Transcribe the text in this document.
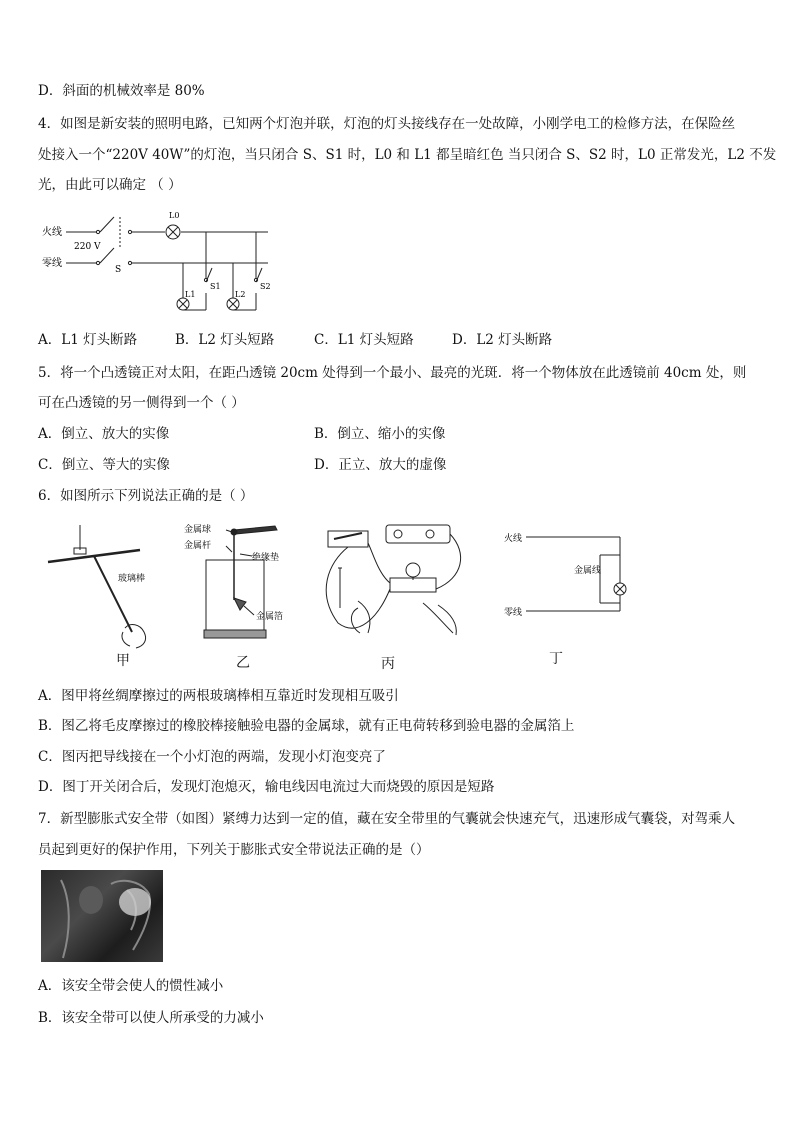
D．斜面的机械效率是 80%
4．如图是新安装的照明电路，已知两个灯泡并联，灯泡的灯头接线存在一处故障，小刚学电工的检修方法，在保险丝
处接入一个“220V 40W”的灯泡，当只闭合 S、S1 时，L0 和 L1 都呈暗红色 当只闭合 S、S2 时，L0 正常发光，L2 不发
光，由此可以确定 （ ）
火线
零线
220 V
S
L0
L1
S1
L2
S2
A．L1 灯头断路	B．L2 灯头短路	C．L1 灯头短路	D．L2 灯头断路
5．将一个凸透镜正对太阳，在距凸透镜 20cm 处得到一个最小、最亮的光斑．将一个物体放在此透镜前 40cm 处，则
可在凸透镜的另一侧得到一个（ ）
A．倒立、放大的实像	B．倒立、缩小的实像
C．倒立、等大的实像	D．正立、放大的虚像
6．如图所示下列说法正确的是（ ）
玻璃棒
金属球
金属杆
绝缘垫
金属箔
火线
零线
金属线
甲	乙	丙	丁
A．图甲将丝绸摩擦过的两根玻璃棒相互靠近时发现相互吸引
B．图乙将毛皮摩擦过的橡胶棒接触验电器的金属球，就有正电荷转移到验电器的金属箔上
C．图丙把导线接在一个小灯泡的两端，发现小灯泡变亮了
D．图丁开关闭合后，发现灯泡熄灭，输电线因电流过大而烧毁的原因是短路
7．新型膨胀式安全带（如图）紧缚力达到一定的值，藏在安全带里的气囊就会快速充气，迅速形成气囊袋，对驾乘人
员起到更好的保护作用，下列关于膨胀式安全带说法正确的是（）
A．该安全带会使人的惯性减小
B．该安全带可以使人所承受的力减小
